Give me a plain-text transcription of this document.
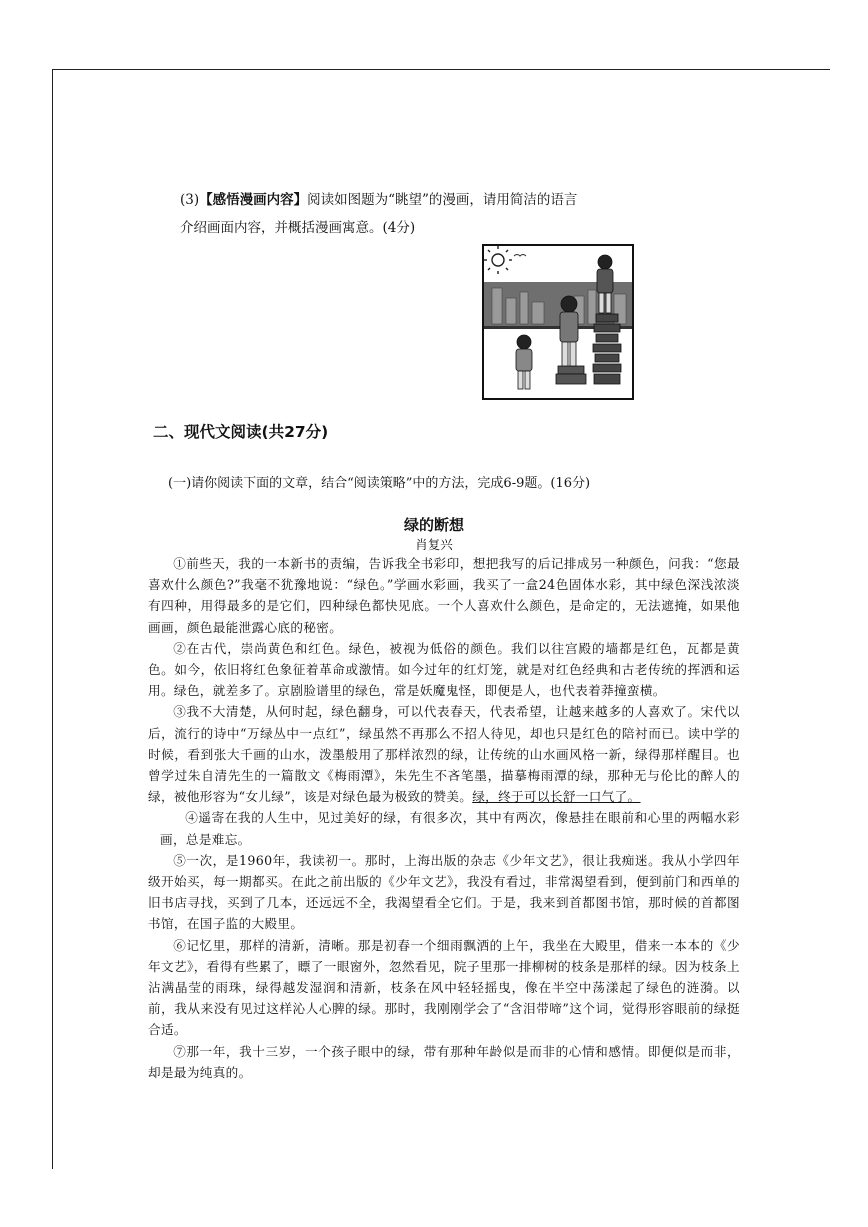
(3)【感悟漫画内容】阅读如图题为“眺望”的漫画，请用简洁的语言
介绍画面内容，并概括漫画寓意。(4分)
二、现代文阅读(共27分)
(一)请你阅读下面的文章，结合“阅读策略”中的方法，完成6-9题。(16分)
绿的断想
肖复兴

①前些天，我的一本新书的责编，告诉我全书彩印，想把我写的后记排成另一种颜色，问我：“您最喜欢什么颜色?”我毫不犹豫地说：“绿色。”学画水彩画，我买了一盒24色固体水彩，其中绿色深浅浓淡有四种，用得最多的是它们，四种绿色都快见底。一个人喜欢什么颜色，是命定的，无法遮掩，如果他画画，颜色最能泄露心底的秘密。

②在古代，崇尚黄色和红色。绿色，被视为低俗的颜色。我们以往宫殿的墙都是红色，瓦都是黄色。如今，依旧将红色象征着革命或激情。如今过年的红灯笼，就是对红色经典和古老传统的挥洒和运用。绿色，就差多了。京剧脸谱里的绿色，常是妖魔鬼怪，即便是人，也代表着莽撞蛮横。

③我不大清楚，从何时起，绿色翻身，可以代表春天，代表希望，让越来越多的人喜欢了。宋代以后，流行的诗中“万绿丛中一点红”，绿虽然不再那么不招人待见，却也只是红色的陪衬而已。读中学的时候，看到张大千画的山水，泼墨般用了那样浓烈的绿，让传统的山水画风格一新，绿得那样醒目。也曾学过朱自清先生的一篇散文《梅雨潭》，朱先生不吝笔墨，描摹梅雨潭的绿，那种无与伦比的醉人的绿，被他形容为“女儿绿”，该是对绿色最为极致的赞美。绿，终于可以长舒一口气了。

④遥寄在我的人生中，见过美好的绿，有很多次，其中有两次，像悬挂在眼前和心里的两幅水彩画，总是难忘。

⑤一次，是1960年，我读初一。那时，上海出版的杂志《少年文艺》，很让我痴迷。我从小学四年级开始买，每一期都买。在此之前出版的《少年文艺》，我没有看过，非常渴望看到，便到前门和西单的旧书店寻找，买到了几本，还远远不全，我渴望看全它们。于是，我来到首都图书馆，那时候的首都图书馆，在国子监的大殿里。

⑥记忆里，那样的清新，清晰。那是初春一个细雨飘洒的上午，我坐在大殿里，借来一本本的《少年文艺》，看得有些累了，瞟了一眼窗外，忽然看见，院子里那一排柳树的枝条是那样的绿。因为枝条上沾满晶莹的雨珠，绿得越发湿润和清新，枝条在风中轻轻摇曳，像在半空中荡漾起了绿色的涟漪。以前，我从来没有见过这样沁人心脾的绿。那时，我刚刚学会了“含泪带啼”这个词，觉得形容眼前的绿挺合适。

⑦那一年，我十三岁，一个孩子眼中的绿，带有那种年龄似是而非的心情和感情。即便似是而非，却是最为纯真的。
